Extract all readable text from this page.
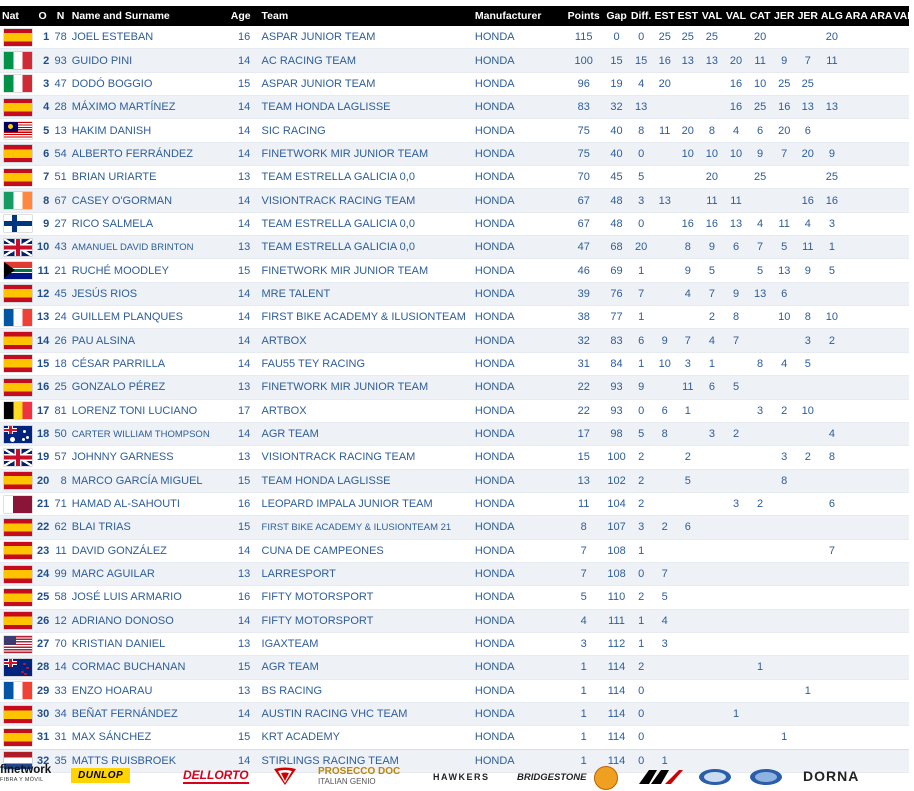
Nat	O	N	Name and Surname	Age	Team	Manufacturer	Points	Gap	Diff.	EST	EST	VAL	VAL	CAT	JER	JER	ALG	ARA	ARA	VAL

	1	78	JOEL ESTEBAN	16	ASPAR JUNIOR TEAM	HONDA	115	0	0	25	25	25		20			20			

	2	93	GUIDO PINI	14	AC RACING TEAM	HONDA	100	15	15	16	13	13	20	11	9	7	11			

	3	47	DODÓ BOGGIO	15	ASPAR JUNIOR TEAM	HONDA	96	19	4	20			16	10	25	25				

	4	28	MÁXIMO MARTÍNEZ	14	TEAM HONDA LAGLISSE	HONDA	83	32	13				16	25	16	13	13			

	5	13	HAKIM DANISH	14	SIC RACING	HONDA	75	40	8	11	20	8	4	6	20	6				

	6	54	ALBERTO FERRÁNDEZ	14	FINETWORK MIR JUNIOR TEAM	HONDA	75	40	0		10	10	10	9	7	20	9			

	7	51	BRIAN URIARTE	13	TEAM ESTRELLA GALICIA 0,0	HONDA	70	45	5			20		25			25			

	8	67	CASEY O'GORMAN	14	VISIONTRACK RACING TEAM	HONDA	67	48	3	13		11	11			16	16			

	9	27	RICO SALMELA	14	TEAM ESTRELLA GALICIA 0,0	HONDA	67	48	0		16	16	13	4	11	4	3			

	10	43	AMANUEL DAVID BRINTON	13	TEAM ESTRELLA GALICIA 0,0	HONDA	47	68	20		8	9	6	7	5	11	1			

	11	21	RUCHÉ MOODLEY	15	FINETWORK MIR JUNIOR TEAM	HONDA	46	69	1		9	5		5	13	9	5			

	12	45	JESÚS RIOS	14	MRE TALENT	HONDA	39	76	7		4	7	9	13	6					

	13	24	GUILLEM PLANQUES	14	FIRST BIKE ACADEMY & ILUSIONTEAM	HONDA	38	77	1			2	8		10	8	10			

	14	26	PAU ALSINA	14	ARTBOX	HONDA	32	83	6	9	7	4	7			3	2			

	15	18	CÉSAR PARRILLA	14	FAU55 TEY RACING	HONDA	31	84	1	10	3	1		8	4	5				

	16	25	GONZALO PÉREZ	13	FINETWORK MIR JUNIOR TEAM	HONDA	22	93	9		11	6	5							

	17	81	LORENZ TONI LUCIANO	17	ARTBOX	HONDA	22	93	0	6	1			3	2	10				

	18	50	CARTER WILLIAM THOMPSON	14	AGR TEAM	HONDA	17	98	5	8		3	2				4			

	19	57	JOHNNY GARNESS	13	VISIONTRACK RACING TEAM	HONDA	15	100	2		2				3	2	8			

	20	8	MARCO GARCÍA MIGUEL	15	TEAM HONDA LAGLISSE	HONDA	13	102	2		5				8					

	21	71	HAMAD AL-SAHOUTI	16	LEOPARD IMPALA JUNIOR TEAM	HONDA	11	104	2				3	2			6			

	22	62	BLAI TRIAS	15	FIRST BIKE ACADEMY & ILUSIONTEAM 21	HONDA	8	107	3	2	6									

	23	11	DAVID GONZÁLEZ	14	CUNA DE CAMPEONES	HONDA	7	108	1								7			

	24	99	MARC AGUILAR	13	LARRESPORT	HONDA	7	108	0	7										

	25	58	JOSÉ LUIS ARMARIO	16	FIFTY MOTORSPORT	HONDA	5	110	2	5										

	26	12	ADRIANO DONOSO	14	FIFTY MOTORSPORT	HONDA	4	111	1	4										

	27	70	KRISTIAN DANIEL	13	IGAXTEAM	HONDA	3	112	1	3										

	28	14	CORMAC BUCHANAN	15	AGR TEAM	HONDA	1	114	2					1						

	29	33	ENZO HOARAU	13	BS RACING	HONDA	1	114	0							1				

	30	34	BEÑAT FERNÁNDEZ	14	AUSTIN RACING VHC TEAM	HONDA	1	114	0				1							

	31	31	MAX SÁNCHEZ	15	KRT ACADEMY	HONDA	1	114	0						1					

	32	35	MATTS RUISBROEK	14	STIRLINGS RACING TEAM	HONDA	1	114	0	1										
finetwork
FIBRA Y MÓVIL	DUNLOP	DELLORTO	PROSECCO DOC
ITALIAN GENIO	HAWKERS	BRIDGESTONE	DORNA
